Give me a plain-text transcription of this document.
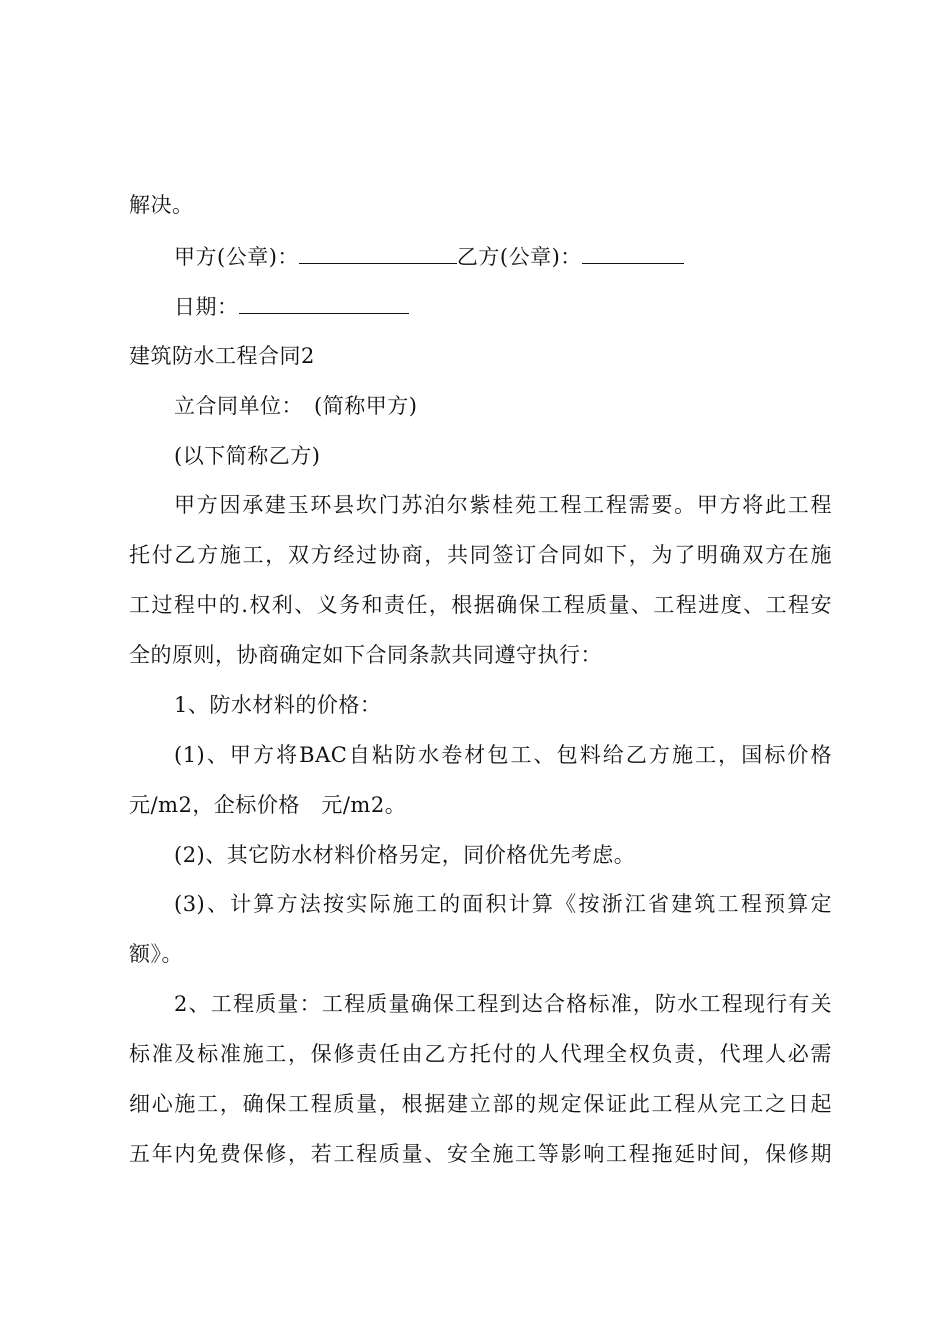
解决。
甲方(公章)：	乙方(公章)：
日期：
建筑防水工程合同2
立合同单位：　(简称甲方)
(以下简称乙方)
甲方因承建玉环县坎门苏泊尔紫桂苑工程工程需要。甲方将此工程
托付乙方施工，双方经过协商，共同签订合同如下，为了明确双方在施
工过程中的.权利、义务和责任，根据确保工程质量、工程进度、工程安
全的原则，协商确定如下合同条款共同遵守执行：
1、防水材料的价格：
(1)、甲方将BAC自粘防水卷材包工、包料给乙方施工，国标价格
元/m2，企标价格　元/m2。
(2)、其它防水材料价格另定，同价格优先考虑。
(3)、计算方法按实际施工的面积计算《按浙江省建筑工程预算定
额》。
2、工程质量：工程质量确保工程到达合格标准，防水工程现行有关
标准及标准施工，保修责任由乙方托付的人代理全权负责，代理人必需
细心施工，确保工程质量，根据建立部的规定保证此工程从完工之日起
五年内免费保修，若工程质量、安全施工等影响工程拖延时间，保修期
